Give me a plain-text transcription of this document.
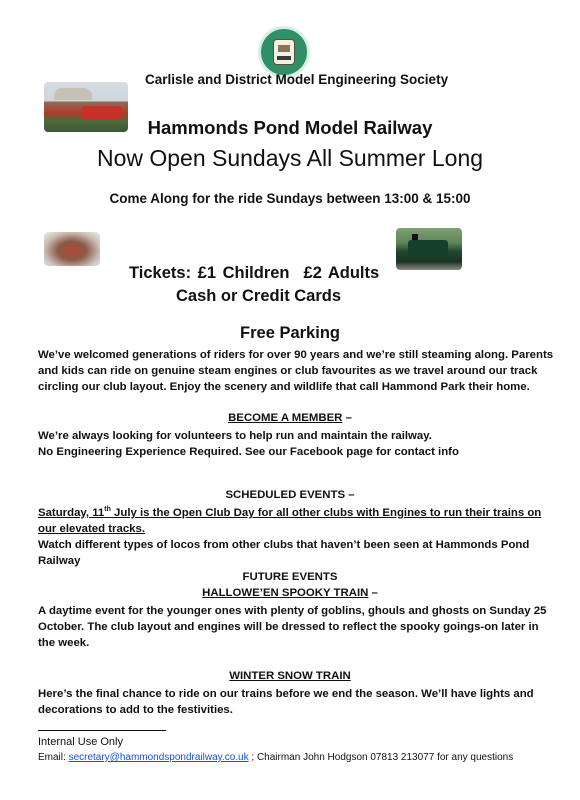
Carlisle and District Model Engineering Society
Hammonds Pond Model Railway
Now Open Sundays All Summer Long
Come Along for the ride Sundays between 13:00 & 15:00
Tickets: £1 Children £2 Adults
Cash or Credit Cards
Free Parking
We’ve welcomed generations of riders for over 90 years and we’re still steaming along. Parents and kids can ride on genuine steam engines or club favourites as we travel around our track circling our club layout. Enjoy the scenery and wildlife that call Hammond Park their home.
BECOME A MEMBER –
We’re always looking for volunteers to help run and maintain the railway.
No Engineering Experience Required. See our Facebook page for contact info
SCHEDULED EVENTS –
Saturday, 11th July is the Open Club Day for all other clubs with Engines to run their trains on our elevated tracks.
Watch different types of locos from other clubs that haven’t been seen at Hammonds Pond Railway
FUTURE EVENTS
HALLOWE’EN SPOOKY TRAIN –
A daytime event for the younger ones with plenty of goblins, ghouls and ghosts on Sunday 25 October. The club layout and engines will be dressed to reflect the spooky goings-on later in the week.
WINTER SNOW TRAIN
Here’s the final chance to ride on our trains before we end the season. We’ll have lights and decorations to add to the festivities.
Internal Use Only
Email: secretary@hammondspondrailway.co.uk ; Chairman John Hodgson 07813 213077 for any questions
